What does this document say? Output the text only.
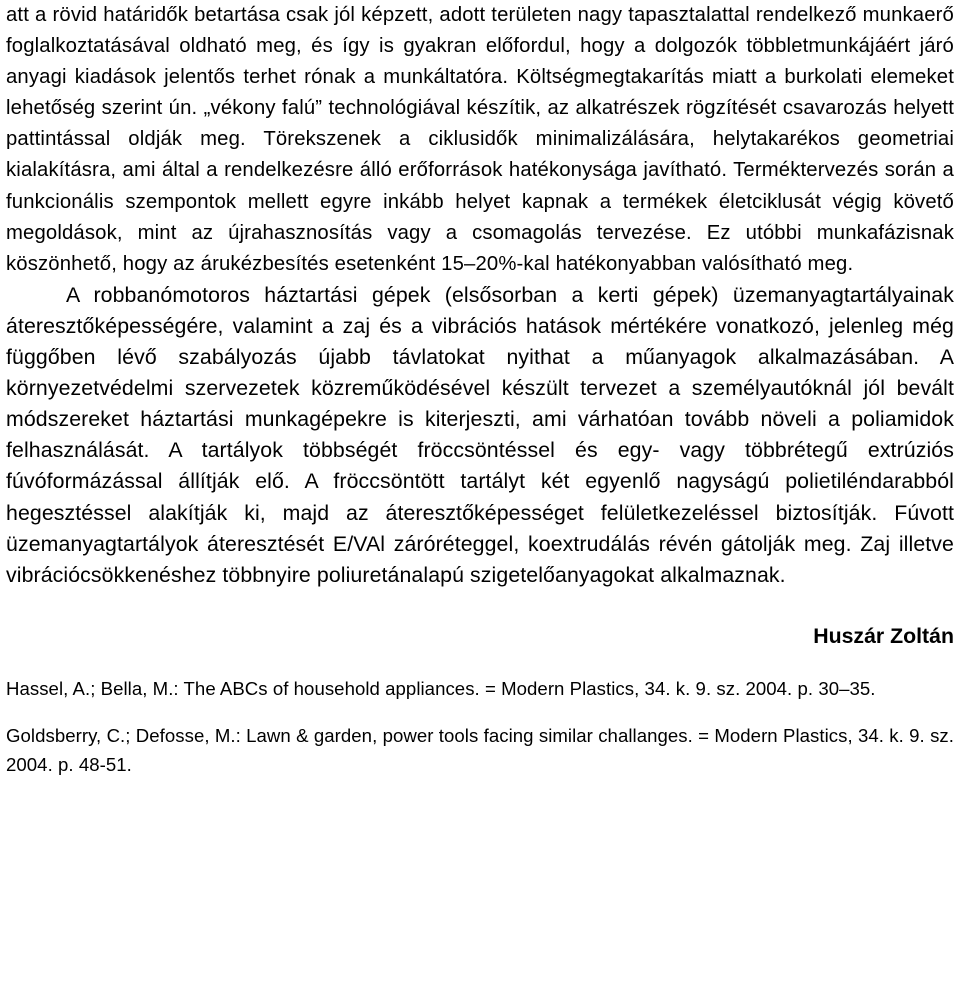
att a rövid határidők betartása csak jól képzett, adott területen nagy tapasztalattal rendelkező munkaerő foglalkoztatásával oldható meg, és így is gyakran előfordul, hogy a dolgozók többletmunkájáért járó anyagi kiadások jelentős terhet rónak a munkáltatóra. Költségmegtakarítás miatt a burkolati elemeket lehetőség szerint ún. „vékony falú” technológiával készítik, az alkatrészek rögzítését csavarozás helyett pattintással oldják meg. Törekszenek a ciklusidők minimalizálására, helytakarékos geometriai kialakításra, ami által a rendelkezésre álló erőforrások hatékonysága javítható. Terméktervezés során a funkcionális szempontok mellett egyre inkább helyet kapnak a termékek életciklusát végig követő megoldások, mint az újrahasznosítás vagy a csomagolás tervezése. Ez utóbbi munkafázisnak köszönhető, hogy az árukézbesítés esetenként 15–20%-kal hatékonyabban valósítható meg.

A robbanómotoros háztartási gépek (elsősorban a kerti gépek) üzemanyagtartályainak áteresztőképességére, valamint a zaj és a vibrációs hatások mértékére vonatkozó, jelenleg még függőben lévő szabályozás újabb távlatokat nyithat a műanyagok alkalmazásában. A környezetvédelmi szervezetek közreműködésével készült tervezet a személyautóknál jól bevált módszereket háztartási munkagépekre is kiterjeszti, ami várhatóan tovább növeli a poliamidok felhasználását. A tartályok többségét fröccsöntéssel és egy- vagy többrétegű extrúziós fúvóformázással állítják elő. A fröccsöntött tartályt két egyenlő nagyságú polietiléndarabból hegesztéssel alakítják ki, majd az áteresztőképességet felületkezeléssel biztosítják. Fúvott üzemanyagtartályok áteresztését E/VAl záróréteggel, koextrudálás révén gátolják meg. Zaj illetve vibrációcsökkenéshez többnyire poliuretánalapú szigetelőanyagokat alkalmaznak.

Huszár Zoltán

Hassel, A.; Bella, M.: The ABCs of household appliances. = Modern Plastics, 34. k. 9. sz. 2004. p. 30–35.

Goldsberry, C.; Defosse, M.: Lawn & garden, power tools facing similar challanges. = Modern Plastics, 34. k. 9. sz. 2004. p. 48-51.
